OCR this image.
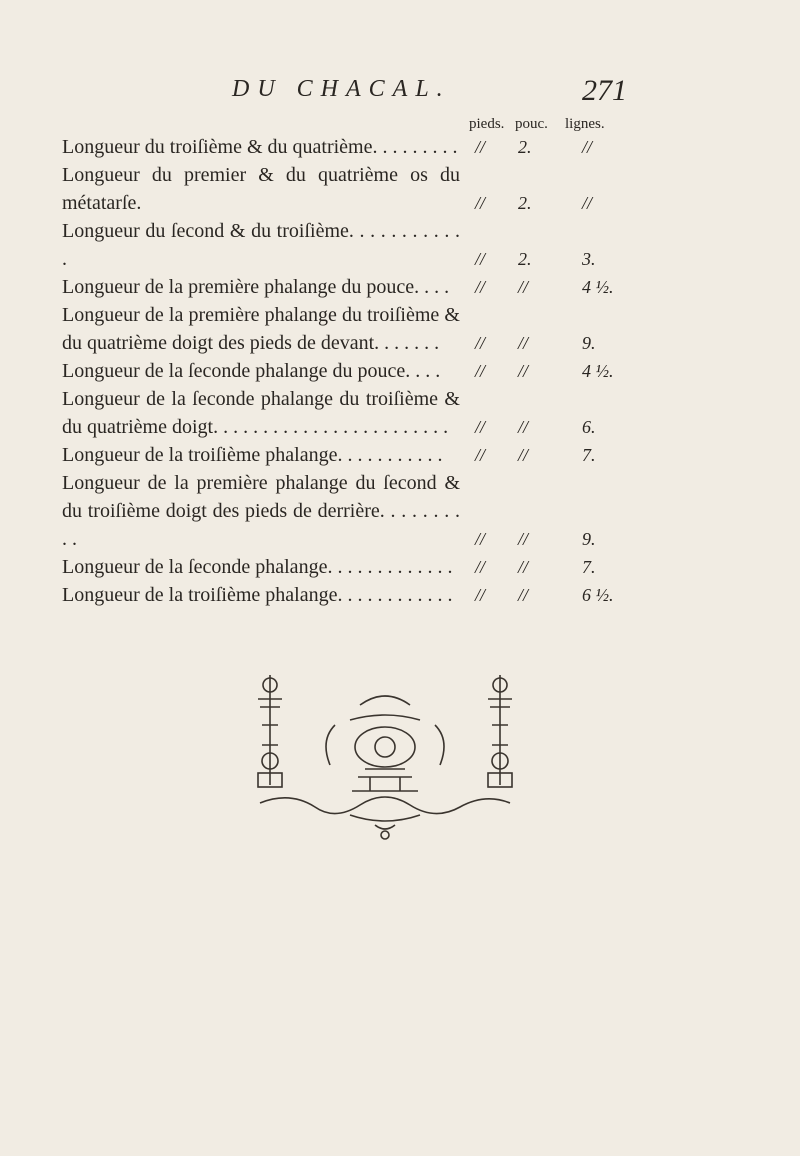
DU CHACAL.	271
pieds. pouc. lignes.
Longueur du troiſième & du quatrième. . . . . . . . . // 2.	//
Longueur du premier & du quatrième os du métatarſe.	// 2.	//
Longueur du ſecond & du troiſième. . . . . . . . . . . .	// 2.	3.
Longueur de la première phalange du pouce. . . .	// //	4 ½.
Longueur de la première phalange du troiſième & du quatrième doigt des pieds de devant. . . . . . .	// //	9.
Longueur de la ſeconde phalange du pouce. . . .	// //	4 ½.
Longueur de la ſeconde phalange du troiſième & du quatrième doigt. . . . . . . . . . . . . . . . . . . . . . . .	// //	6.
Longueur de la troiſième phalange. . . . . . . . . . .	// //	7.
Longueur de la première phalange du ſecond & du troiſième doigt des pieds de derrière. . . . . . . . . .	// //	9.
Longueur de la ſeconde phalange. . . . . . . . . . . . .	// //	7.
Longueur de la troiſième phalange. . . . . . . . . . . .	// //	6 ½.
